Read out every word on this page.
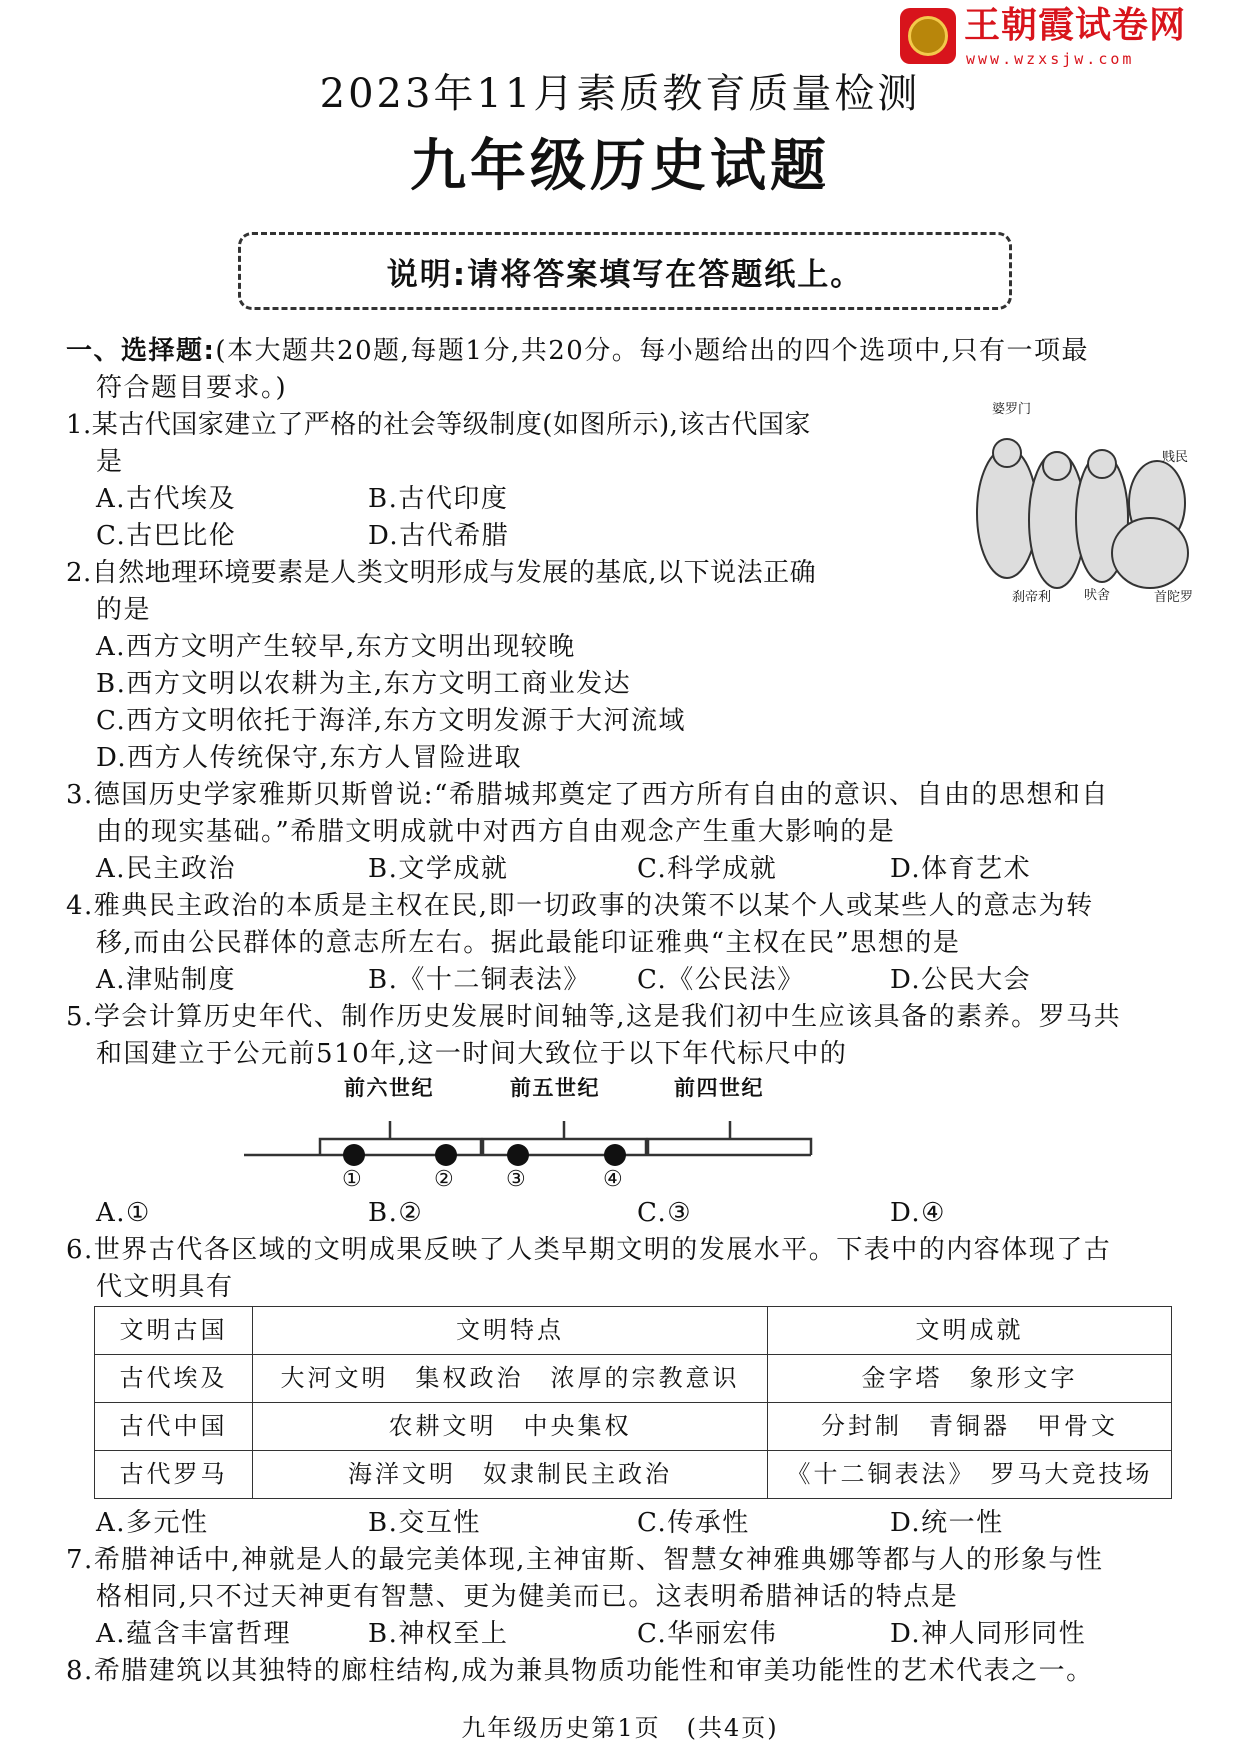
王朝霞试卷网
www.wzxsjw.com
2023年11月素质教育质量检测
九年级历史试题
说明:请将答案填写在答题纸上。
婆罗门
贱民
刹帝利	吠舍	首陀罗
一、选择题:(本大题共20题,每题1分,共20分。每小题给出的四个选项中,只有一项最
符合题目要求。)
1.某古代国家建立了严格的社会等级制度(如图所示),该古代国家
是
A.古代埃及	B.古代印度
C.古巴比伦	D.古代希腊
2.自然地理环境要素是人类文明形成与发展的基底,以下说法正确
的是
A.西方文明产生较早,东方文明出现较晚
B.西方文明以农耕为主,东方文明工商业发达
C.西方文明依托于海洋,东方文明发源于大河流域
D.西方人传统保守,东方人冒险进取
3.德国历史学家雅斯贝斯曾说:“希腊城邦奠定了西方所有自由的意识、自由的思想和自
由的现实基础。”希腊文明成就中对西方自由观念产生重大影响的是
A.民主政治	B.文学成就	C.科学成就	D.体育艺术
4.雅典民主政治的本质是主权在民,即一切政事的决策不以某个人或某些人的意志为转
移,而由公民群体的意志所左右。据此最能印证雅典“主权在民”思想的是
A.津贴制度	B.《十二铜表法》 C.《公民法》	D.公民大会
5.学会计算历史年代、制作历史发展时间轴等,这是我们初中生应该具备的素养。罗马共
和国建立于公元前510年,这一时间大致位于以下年代标尺中的
前六世纪	前五世纪	前四世纪
①	② ③	④
A.①	B.②	C.③	D.④
6.世界古代各区域的文明成果反映了人类早期文明的发展水平。下表中的内容体现了古
代文明具有
文明古国	文明特点	文明成就
古代埃及	大河文明　集权政治　浓厚的宗教意识	金字塔　象形文字
古代中国	农耕文明　中央集权	分封制　青铜器　甲骨文
古代罗马	海洋文明　奴隶制民主政治	《十二铜表法》　罗马大竞技场
A.多元性	B.交互性	C.传承性	D.统一性
7.希腊神话中,神就是人的最完美体现,主神宙斯、智慧女神雅典娜等都与人的形象与性
格相同,只不过天神更有智慧、更为健美而已。这表明希腊神话的特点是
A.蕴含丰富哲理	B.神权至上	C.华丽宏伟	D.神人同形同性
8.希腊建筑以其独特的廊柱结构,成为兼具物质功能性和审美功能性的艺术代表之一。
九年级历史第1页　(共4页)
